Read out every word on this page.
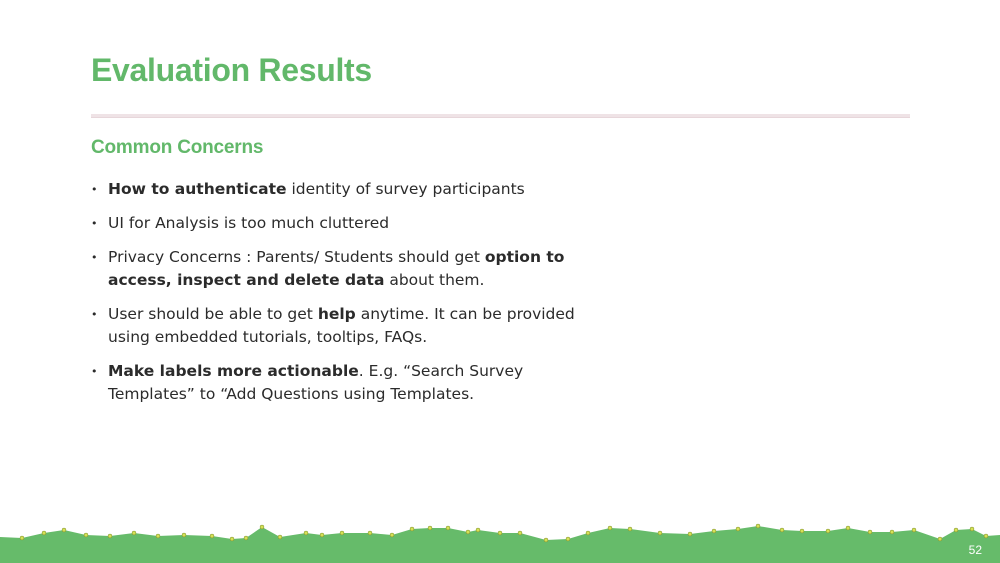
Evaluation Results
Common Concerns
• How to authenticate identity of survey participants
• UI for Analysis is too much cluttered
• Privacy Concerns : Parents/ Students should get option to access, inspect and delete data about them.
• User should be able to get help anytime. It can be provided using embedded tutorials, tooltips, FAQs.
• Make labels more actionable. E.g. “Search Survey Templates” to “Add Questions using Templates.
52
